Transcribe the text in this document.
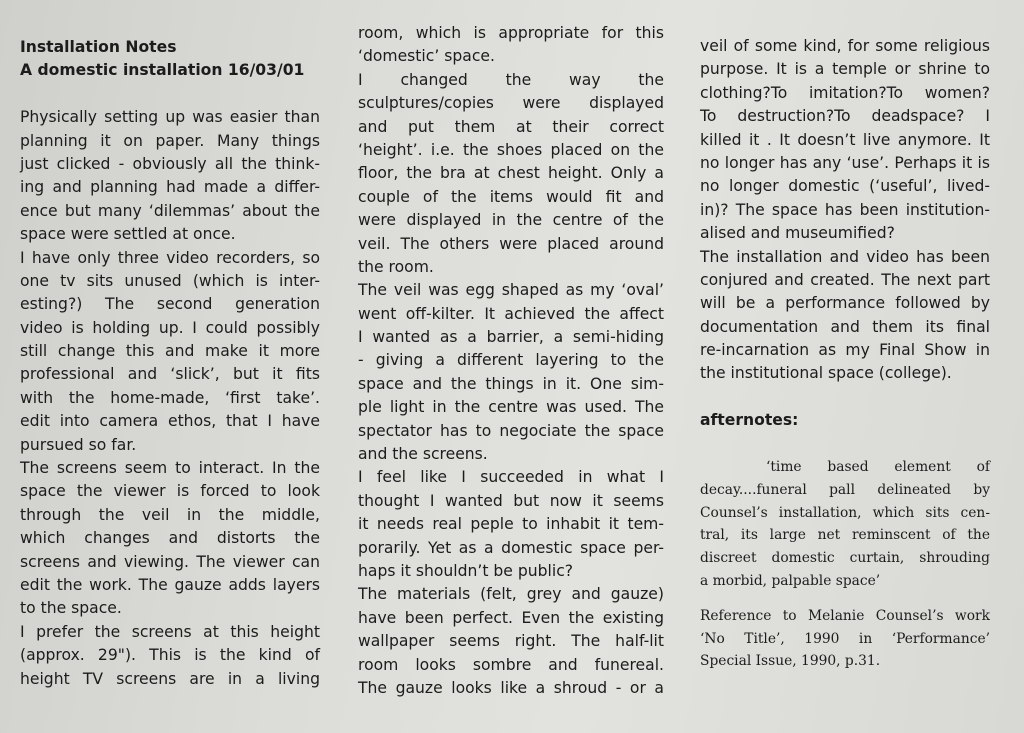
Installation Notes
A domestic installation 16/03/01
Physically setting up was easier than
planning it on paper. Many things
just clicked - obviously all the think-
ing and planning had made a differ-
ence but many ‘dilemmas’ about the
space were settled at once.
I have only three video recorders, so
one tv sits unused (which is inter-
esting?) The second generation
video is holding up. I could possibly
still change this and make it more
professional and ‘slick’, but it fits
with the home-made, ‘first take’.
edit into camera ethos, that I have
pursued so far.
The screens seem to interact. In the
space the viewer is forced to look
through the veil in the middle,
which changes and distorts the
screens and viewing. The viewer can
edit the work. The gauze adds layers
to the space.
I prefer the screens at this height
(approx. 29"). This is the kind of
height TV screens are in a living
room, which is appropriate for this
‘domestic’ space.
I changed the way the
sculptures/copies were displayed
and put them at their correct
‘height’. i.e. the shoes placed on the
floor, the bra at chest height. Only a
couple of the items would fit and
were displayed in the centre of the
veil. The others were placed around
the room.
The veil was egg shaped as my ‘oval’
went off-kilter. It achieved the affect
I wanted as a barrier, a semi-hiding
- giving a different layering to the
space and the things in it. One sim-
ple light in the centre was used. The
spectator has to negociate the space
and the screens.
I feel like I succeeded in what I
thought I wanted but now it seems
it needs real peple to inhabit it tem-
porarily. Yet as a domestic space per-
haps it shouldn’t be public?
The materials (felt, grey and gauze)
have been perfect. Even the existing
wallpaper seems right. The half-lit
room looks sombre and funereal.
The gauze looks like a shroud - or a
veil of some kind, for some religious
purpose. It is a temple or shrine to
clothing?To imitation?To women?
To destruction?To deadspace? I
killed it . It doesn’t live anymore. It
no longer has any ‘use’. Perhaps it is
no longer domestic (‘useful’, lived-
in)? The space has been institution-
alised and museumified?
The installation and video has been
conjured and created. The next part
will be a performance followed by
documentation and them its final
re-incarnation as my Final Show in
the institutional space (college).
afternotes:
‘time based element of
decay....funeral pall delineated by
Counsel’s installation, which sits cen-
tral, its large net reminscent of the
discreet domestic curtain, shrouding
a morbid, palpable space’
Reference to Melanie Counsel’s work
‘No Title’, 1990 in ‘Performance’
Special Issue, 1990, p.31.
